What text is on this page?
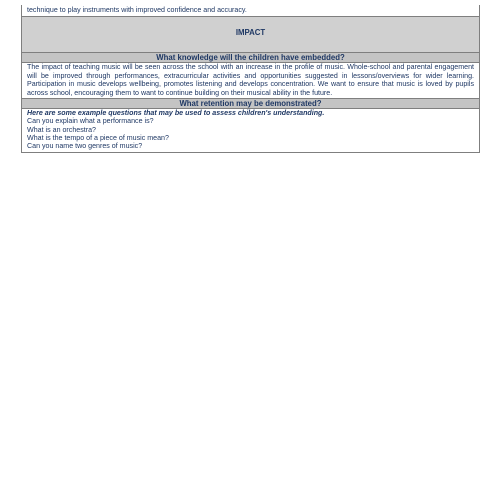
technique to play instruments with improved confidence and accuracy.
IMPACT
What knowledge will the children have embedded?
The impact of teaching music will be seen across the school with an increase in the profile of music. Whole-school and parental engagement will be improved through performances, extracurricular activities and opportunities suggested in lessons/overviews for wider learning. Participation in music develops wellbeing, promotes listening and develops concentration. We want to ensure that music is loved by pupils across school, encouraging them to want to continue building on their musical ability in the future.
What retention may be demonstrated?
Here are some example questions that may be used to assess children's understanding.
Can you explain what a performance is?
What is an orchestra?
What is the tempo of a piece of music mean?
Can you name two genres of music?
